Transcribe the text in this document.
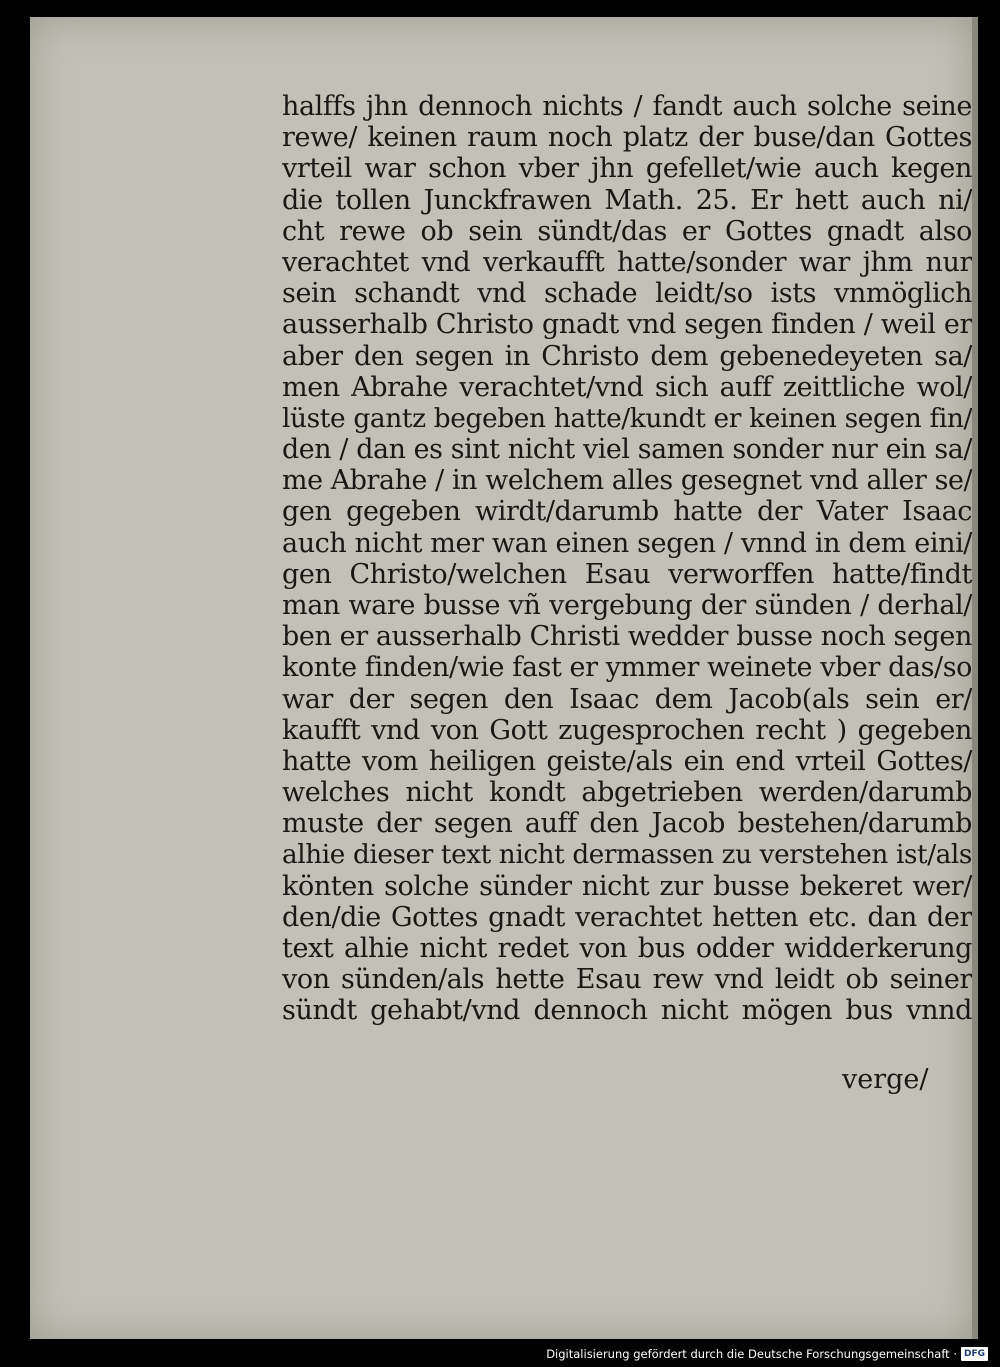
halffs jhn dennoch nichts / fandt auch solche seine
rewe/ keinen raum noch platz der buse/dan Gottes
vrteil war schon vber jhn gefellet/wie auch kegen
die tollen Junckfrawen Math. 25. Er hett auch ni/
cht rewe ob sein sündt/das er Gottes gnadt also
verachtet vnd verkaufft hatte/sonder war jhm nur
sein schandt vnd schade leidt/so ists vnmöglich
ausserhalb Christo gnadt vnd segen finden / weil er
aber den segen in Christo dem gebenedeyeten sa/
men Abrahe verachtet/vnd sich auff zeittliche wol/
lüste gantz begeben hatte/kundt er keinen segen fin/
den / dan es sint nicht viel samen sonder nur ein sa/
me Abrahe / in welchem alles gesegnet vnd aller se/
gen gegeben wirdt/darumb hatte der Vater Isaac
auch nicht mer wan einen segen / vnnd in dem eini/
gen Christo/welchen Esau verworffen hatte/findt
man ware busse vñ vergebung der sünden / derhal/
ben er ausserhalb Christi wedder busse noch segen
konte finden/wie fast er ymmer weinete vber das/so
war der segen den Isaac dem Jacob(als sein er/
kaufft vnd von Gott zugesprochen recht ) gegeben
hatte vom heiligen geiste/als ein end vrteil Gottes/
welches nicht kondt abgetrieben werden/darumb
muste der segen auff den Jacob bestehen/darumb
alhie dieser text nicht dermassen zu verstehen ist/als
könten solche sünder nicht zur busse bekeret wer/
den/die Gottes gnadt verachtet hetten etc. dan der
text alhie nicht redet von bus odder widderkerung
von sünden/als hette Esau rew vnd leidt ob seiner
sündt gehabt/vnd dennoch nicht mögen bus vnnd
verge/
Digitalisierung gefördert durch die Deutsche Forschungsgemeinschaft · DFG
